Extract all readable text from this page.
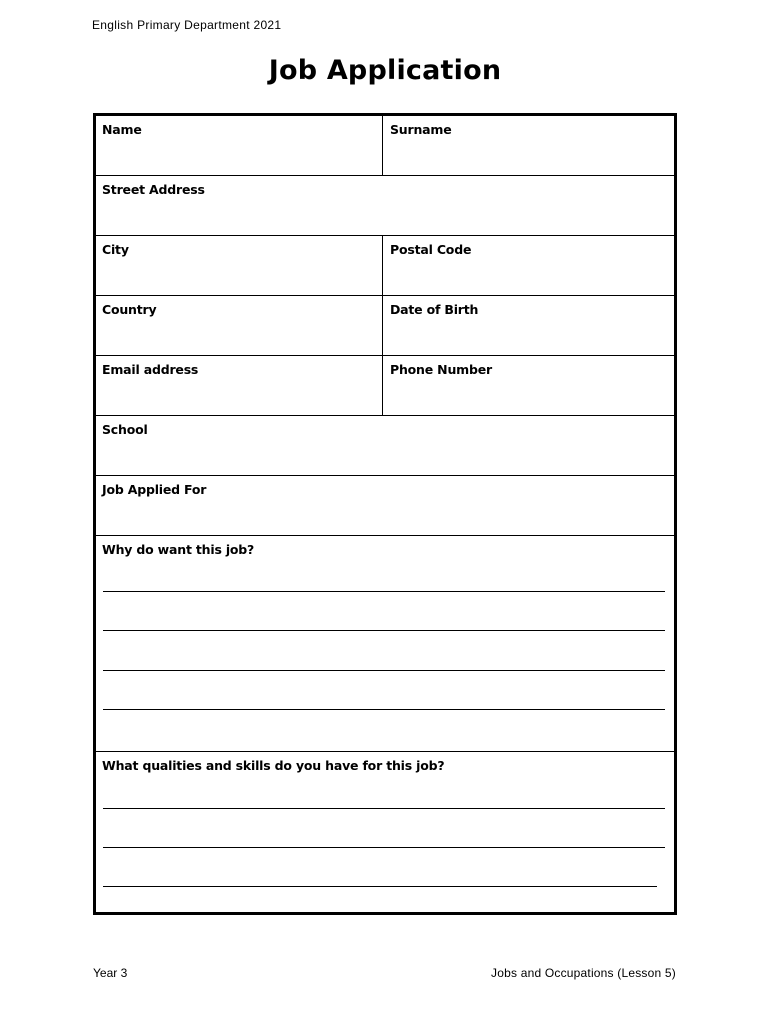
English Primary Department 2021
Job Application
Name	Surname
Street Address
City	Postal Code
Country	Date of Birth
Email address	Phone Number
School
Job Applied For
Why do want this job?
What qualities and skills do you have for this job?
Year 3	Jobs and Occupations (Lesson 5)
